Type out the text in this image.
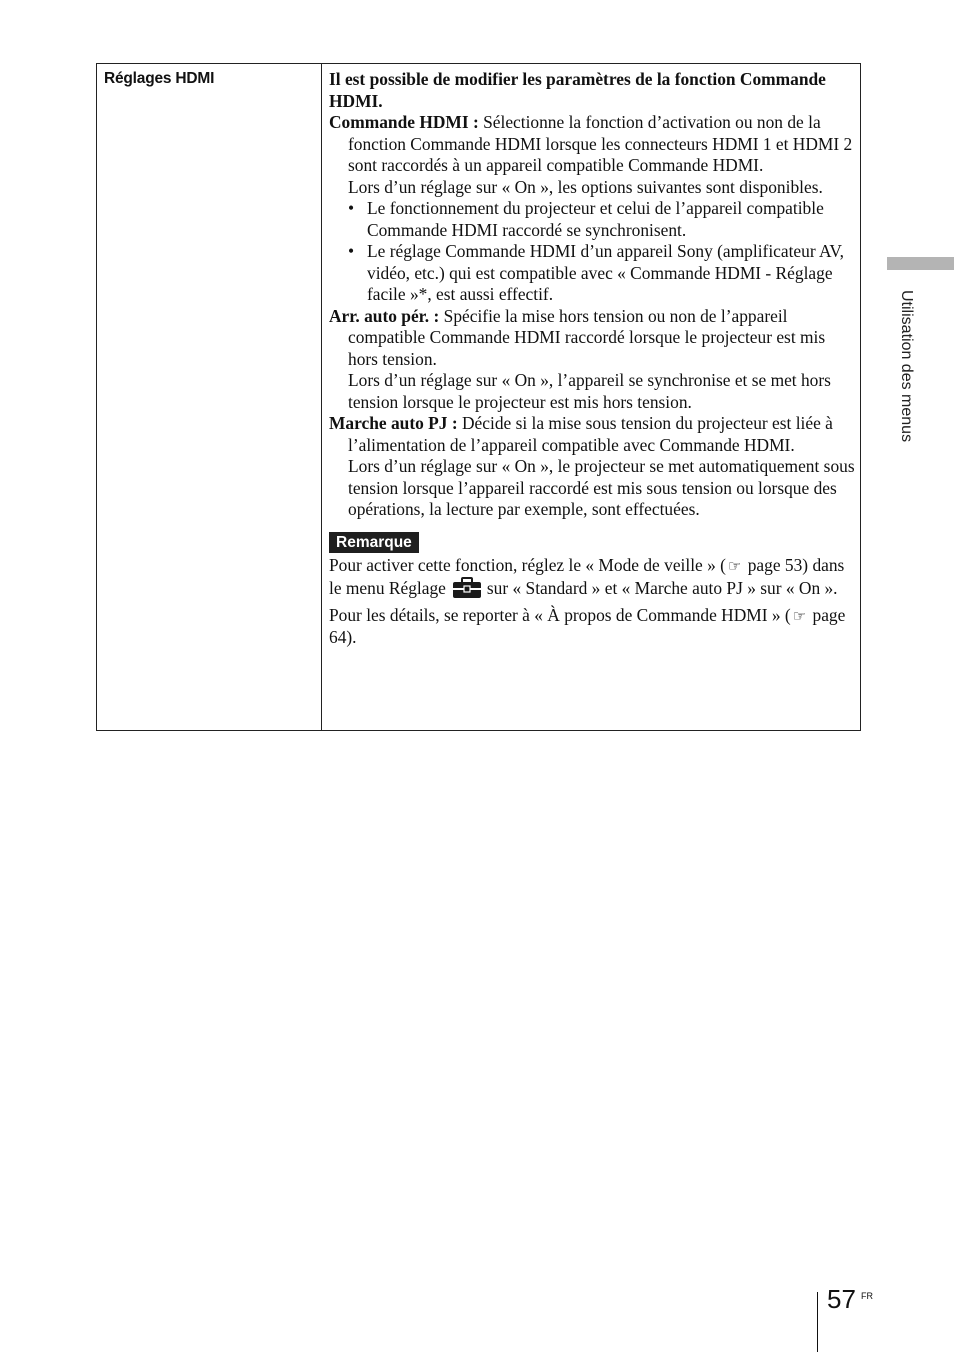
Réglages HDMI	Il est possible de modifier les paramètres de la fonction Commande HDMI.

Commande HDMI : Sélectionne la fonction d’activation ou non de la fonction Commande HDMI lorsque les connecteurs HDMI 1 et HDMI 2 sont raccordés à un appareil compatible Commande HDMI.

Lors d’un réglage sur « On », les options suivantes sont disponibles.

• Le fonctionnement du projecteur et celui de l’appareil compatible Commande HDMI raccordé se synchronisent.

• Le réglage Commande HDMI d’un appareil Sony (amplificateur AV, vidéo, etc.) qui est compatible avec « Commande HDMI - Réglage facile »*, est aussi effectif.

Arr. auto pér. : Spécifie la mise hors tension ou non de l’appareil compatible Commande HDMI raccordé lorsque le projecteur est mis hors tension.

Lors d’un réglage sur « On », l’appareil se synchronise et se met hors tension lorsque le projecteur est mis hors tension.

Marche auto PJ : Décide si la mise sous tension du projecteur est liée à l’alimentation de l’appareil compatible avec Commande HDMI.

Lors d’un réglage sur « On », le projecteur se met automatiquement sous tension lorsque l’appareil raccordé est mis sous tension ou lorsque des opérations, la lecture par exemple, sont effectuées.

Remarque

Pour activer cette fonction, réglez le « Mode de veille » ( ☞ page 53) dans le menu Réglage sur « Standard » et « Marche auto PJ » sur « On ». Pour les détails, se reporter à « À propos de Commande HDMI » ( ☞ page 64).

Utilisation des menus
57 FR
